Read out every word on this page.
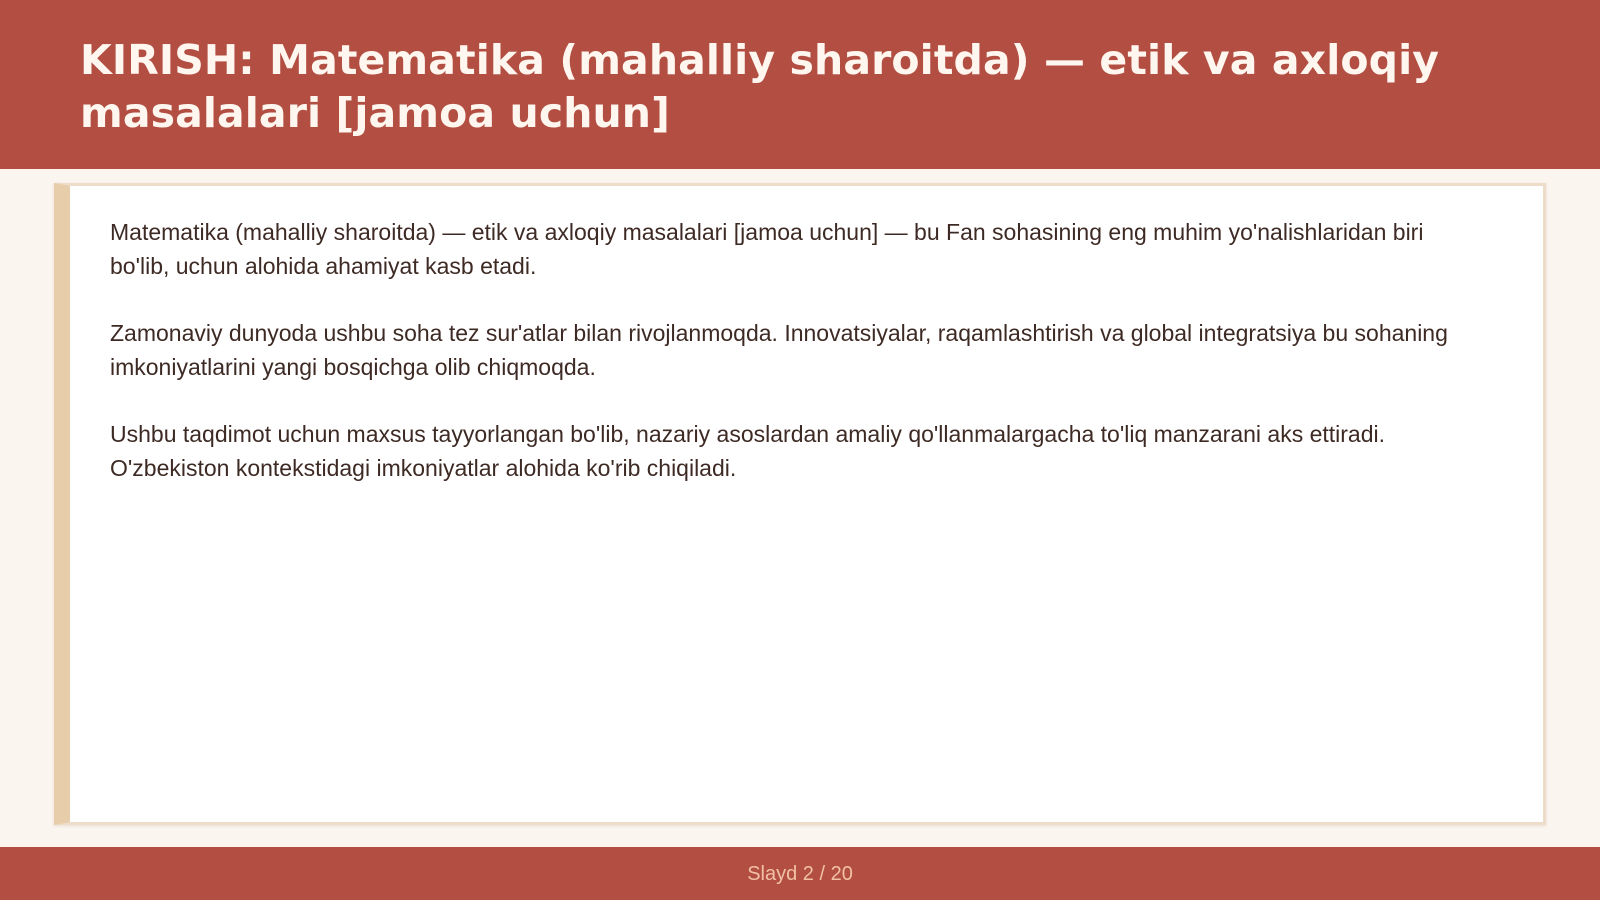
KIRISH: Matematika (mahalliy sharoitda) — etik va axloqiy masalalari [jamoa uchun]

Matematika (mahalliy sharoitda) — etik va axloqiy masalalari [jamoa uchun] — bu Fan sohasining eng muhim yo'nalishlaridan biri bo'lib, uchun alohida ahamiyat kasb etadi.

Zamonaviy dunyoda ushbu soha tez sur'atlar bilan rivojlanmoqda. Innovatsiyalar, raqamlashtirish va global integratsiya bu sohaning imkoniyatlarini yangi bosqichga olib chiqmoqda.

Ushbu taqdimot uchun maxsus tayyorlangan bo'lib, nazariy asoslardan amaliy qo'llanmalargacha to'liq manzarani aks ettiradi. O'zbekiston kontekstidagi imkoniyatlar alohida ko'rib chiqiladi.

Slayd 2 / 20
